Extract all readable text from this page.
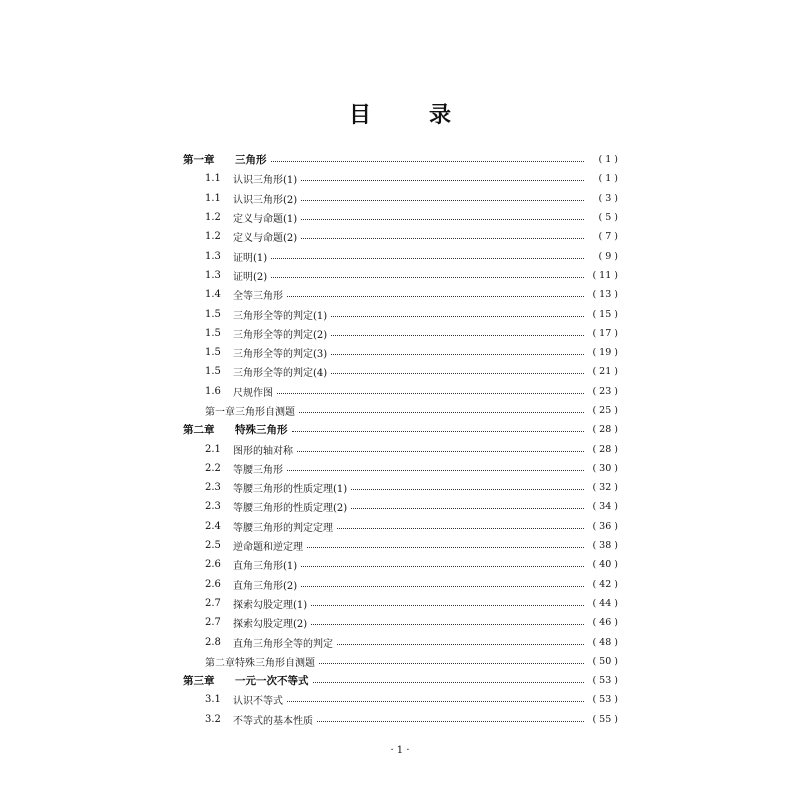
目　录
第一章	三角形	( 1 )
1.1	认识三角形(1)	( 1 )
1.1	认识三角形(2)	( 3 )
1.2	定义与命题(1)	( 5 )
1.2	定义与命题(2)	( 7 )
1.3	证明(1)	( 9 )
1.3	证明(2)	( 11 )
1.4	全等三角形	( 13 )
1.5	三角形全等的判定(1)	( 15 )
1.5	三角形全等的判定(2)	( 17 )
1.5	三角形全等的判定(3)	( 19 )
1.5	三角形全等的判定(4)	( 21 )
1.6	尺规作图	( 23 )
第一章三角形自测题	( 25 )
第二章	特殊三角形	( 28 )
2.1	图形的轴对称	( 28 )
2.2	等腰三角形	( 30 )
2.3	等腰三角形的性质定理(1)	( 32 )
2.3	等腰三角形的性质定理(2)	( 34 )
2.4	等腰三角形的判定定理	( 36 )
2.5	逆命题和逆定理	( 38 )
2.6	直角三角形(1)	( 40 )
2.6	直角三角形(2)	( 42 )
2.7	探索勾股定理(1)	( 44 )
2.7	探索勾股定理(2)	( 46 )
2.8	直角三角形全等的判定	( 48 )
第二章特殊三角形自测题	( 50 )
第三章	一元一次不等式	( 53 )
3.1	认识不等式	( 53 )
3.2	不等式的基本性质	( 55 )
· 1 ·
